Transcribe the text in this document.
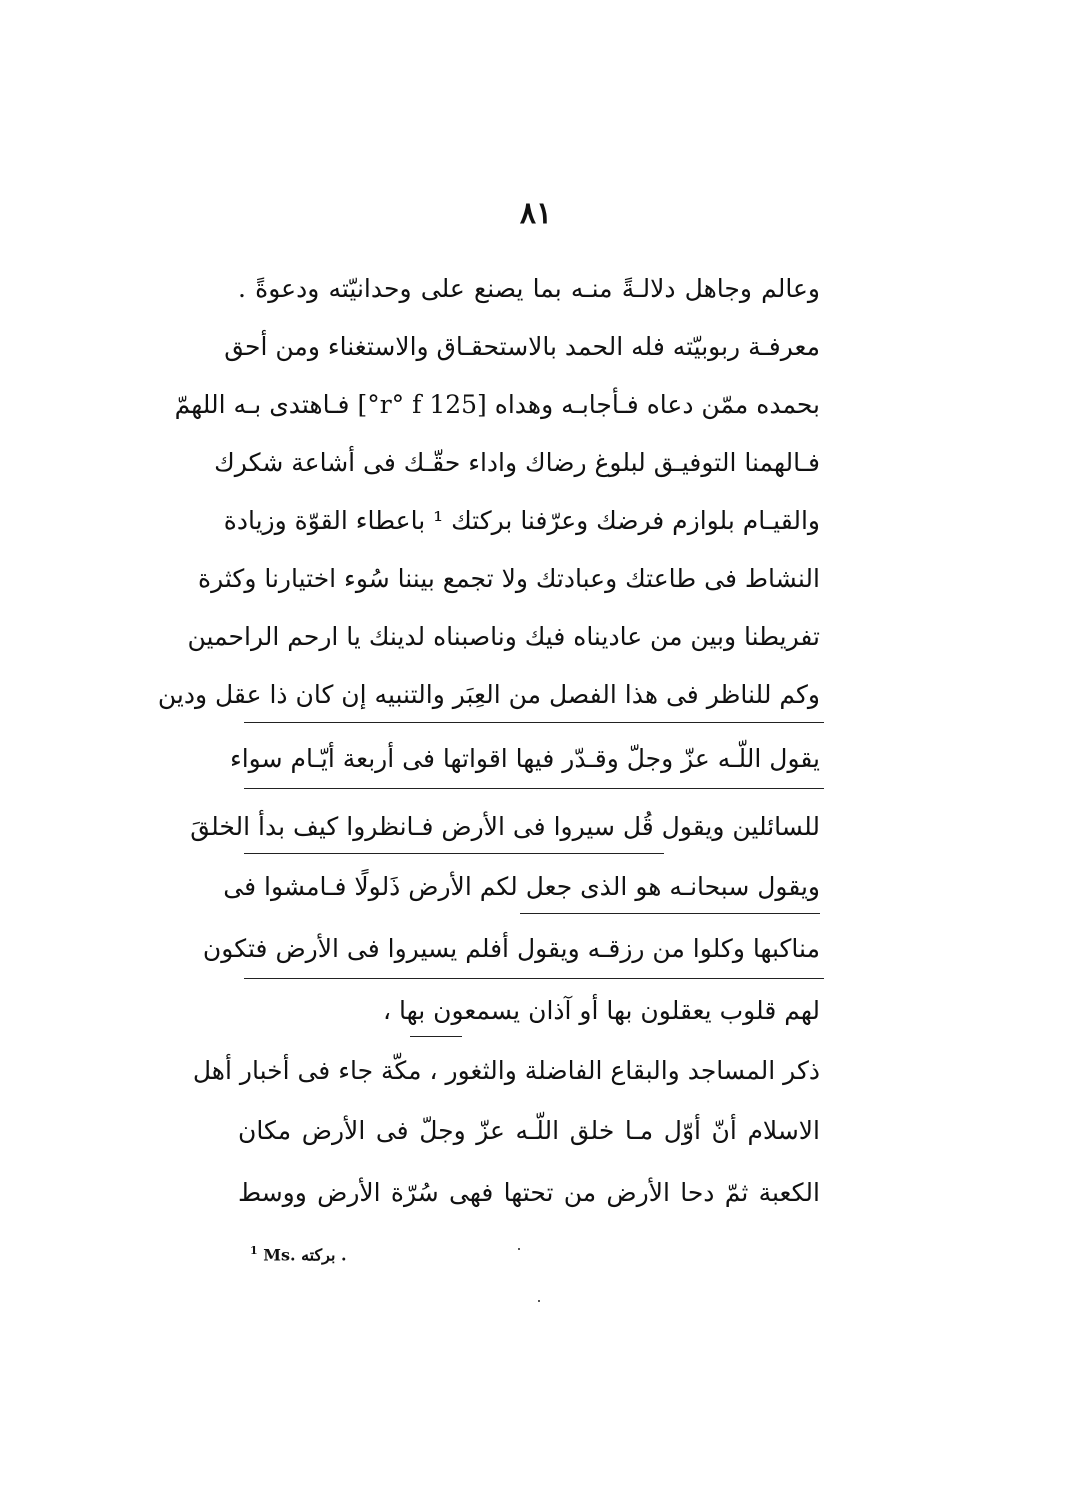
٨١
وعالم وجاهل دلالـةً منـه بما يصنع على وحدانيّته ودعوةً .
معرفـة ربوبيّته فله الحمد بالاستحقـاق والاستغناء ومن أحق
بحمده ممّن دعاه فـأجابـه وهداه [125 r° f°] فـاهتدى بـه اللهمّ
فـالهمنا التوفيـق لبلوغ رضاك واداء حقّـك فى أشاعة شكرك
والقيـام بلوازم فرضك وعرّفنا بركتك ¹ باعطاء القوّة وزيادة
النشاط فى طاعتك وعبادتك ولا تجمع بيننا سُوء اختيارنا وكثرة
تفريطنا وبين من عاديناه فيك وناصبناه لدينك يا ارحم الراحمين
وكم للناظر فى هذا الفصل من العِبَر والتنبيه إن كان ذا عقل ودين
يقول اللّـه عزّ وجلّ وقـدّر فيها اقواتها فى أربعة أيّـام سواء
للسائلين ويقول قُل سيروا فى الأرض فـانظروا كيف بدأ الخلقَ
ويقول سبحانـه هو الذى جعل لكم الأرض ذَلولًا فـامشوا فى
مناكبها وكلوا من رزقـه ويقول أفلم يسيروا فى الأرض فتكون
لهم قلوب يعقلون بها أو آذان يسمعون بها ،
ذكر المساجد والبقاع الفاضلة والثغور ، مكّة جاء فى أخبار أهل
الاسلام أنّ أوّل مـا خلق اللّـه عزّ وجلّ فى الأرض مكان
الكعبة ثمّ دحا الأرض من تحتها فهى سُرّة الأرض ووسط
$^1$ Ms. بركته .
